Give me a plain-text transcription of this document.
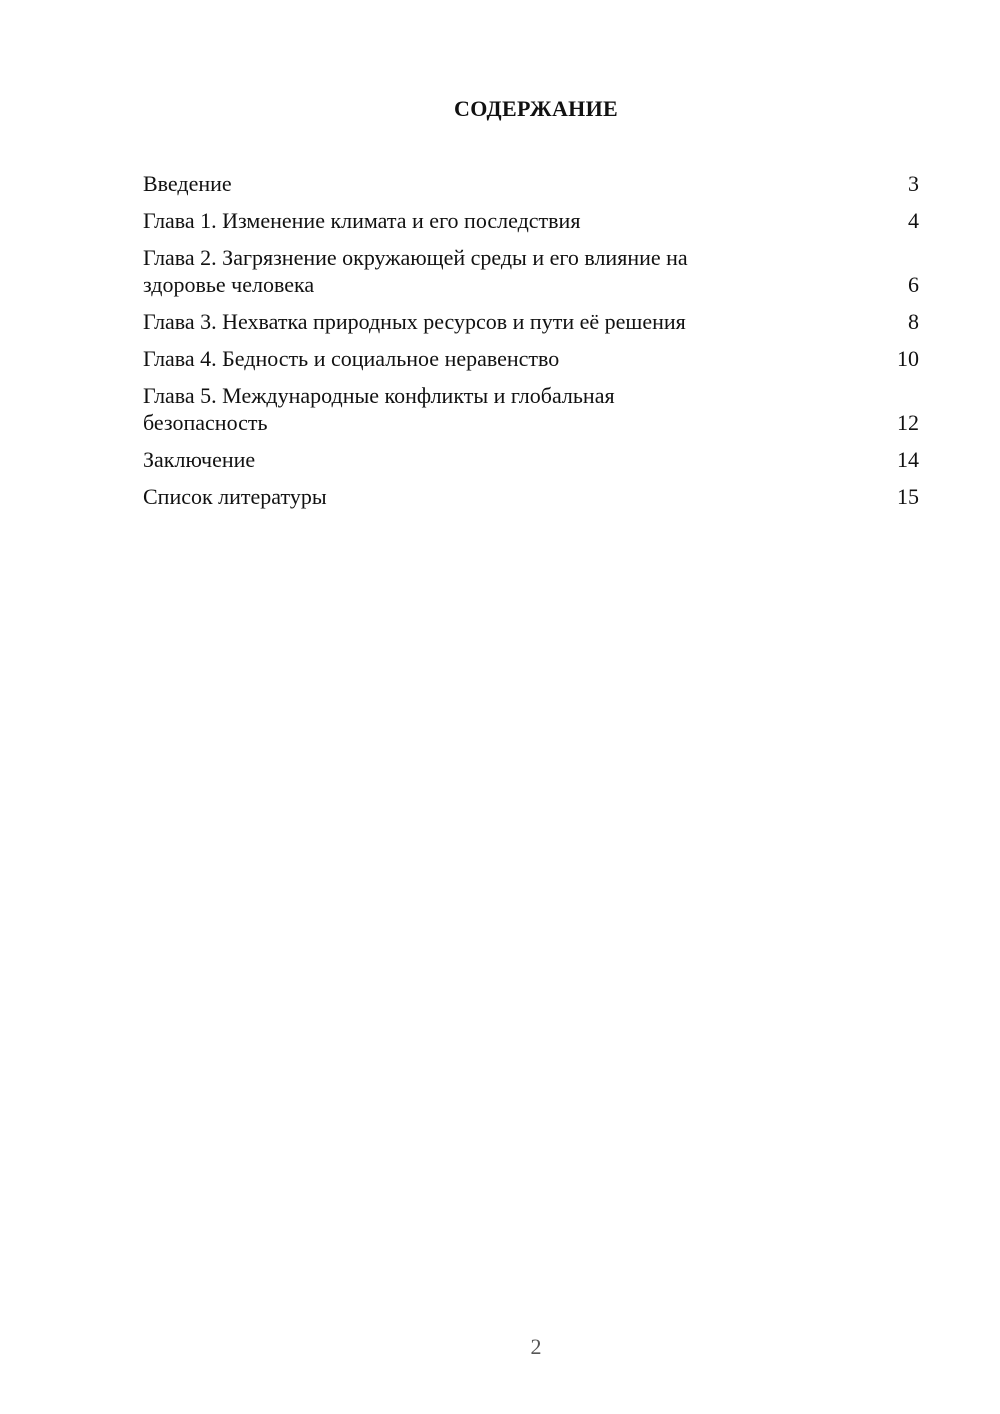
СОДЕРЖАНИЕ
Введение	3
Глава 1. Изменение климата и его последствия	4
Глава 2. Загрязнение окружающей среды и его влияние на
здоровье человека	6
Глава 3. Нехватка природных ресурсов и пути её решения	8
Глава 4. Бедность и социальное неравенство	10
Глава 5. Международные конфликты и глобальная
безопасность	12
Заключение	14
Список литературы	15
2
